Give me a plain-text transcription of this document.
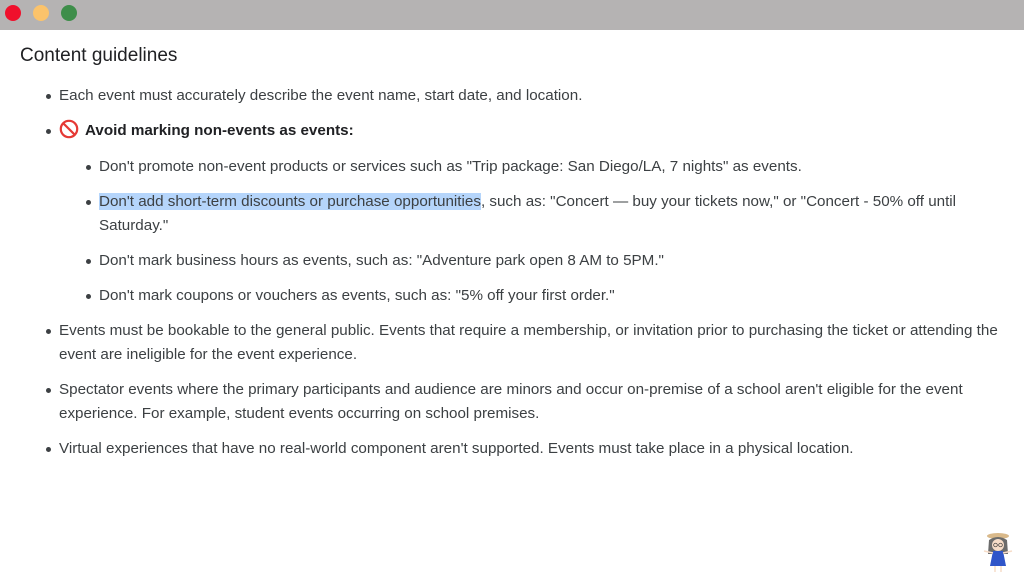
Content guidelines
Each event must accurately describe the event name, start date, and location.
Avoid marking non-events as events:
Don't promote non-event products or services such as "Trip package: San Diego/LA, 7 nights" as events.
Don't add short-term discounts or purchase opportunities, such as: "Concert — buy your tickets now," or "Concert - 50% off until Saturday."
Don't mark business hours as events, such as: "Adventure park open 8 AM to 5PM."
Don't mark coupons or vouchers as events, such as: "5% off your first order."
Events must be bookable to the general public. Events that require a membership, or invitation prior to purchasing the ticket or attending the event are ineligible for the event experience.
Spectator events where the primary participants and audience are minors and occur on-premise of a school aren't eligible for the event experience. For example, student events occurring on school premises.
Virtual experiences that have no real-world component aren't supported. Events must take place in a physical location.
